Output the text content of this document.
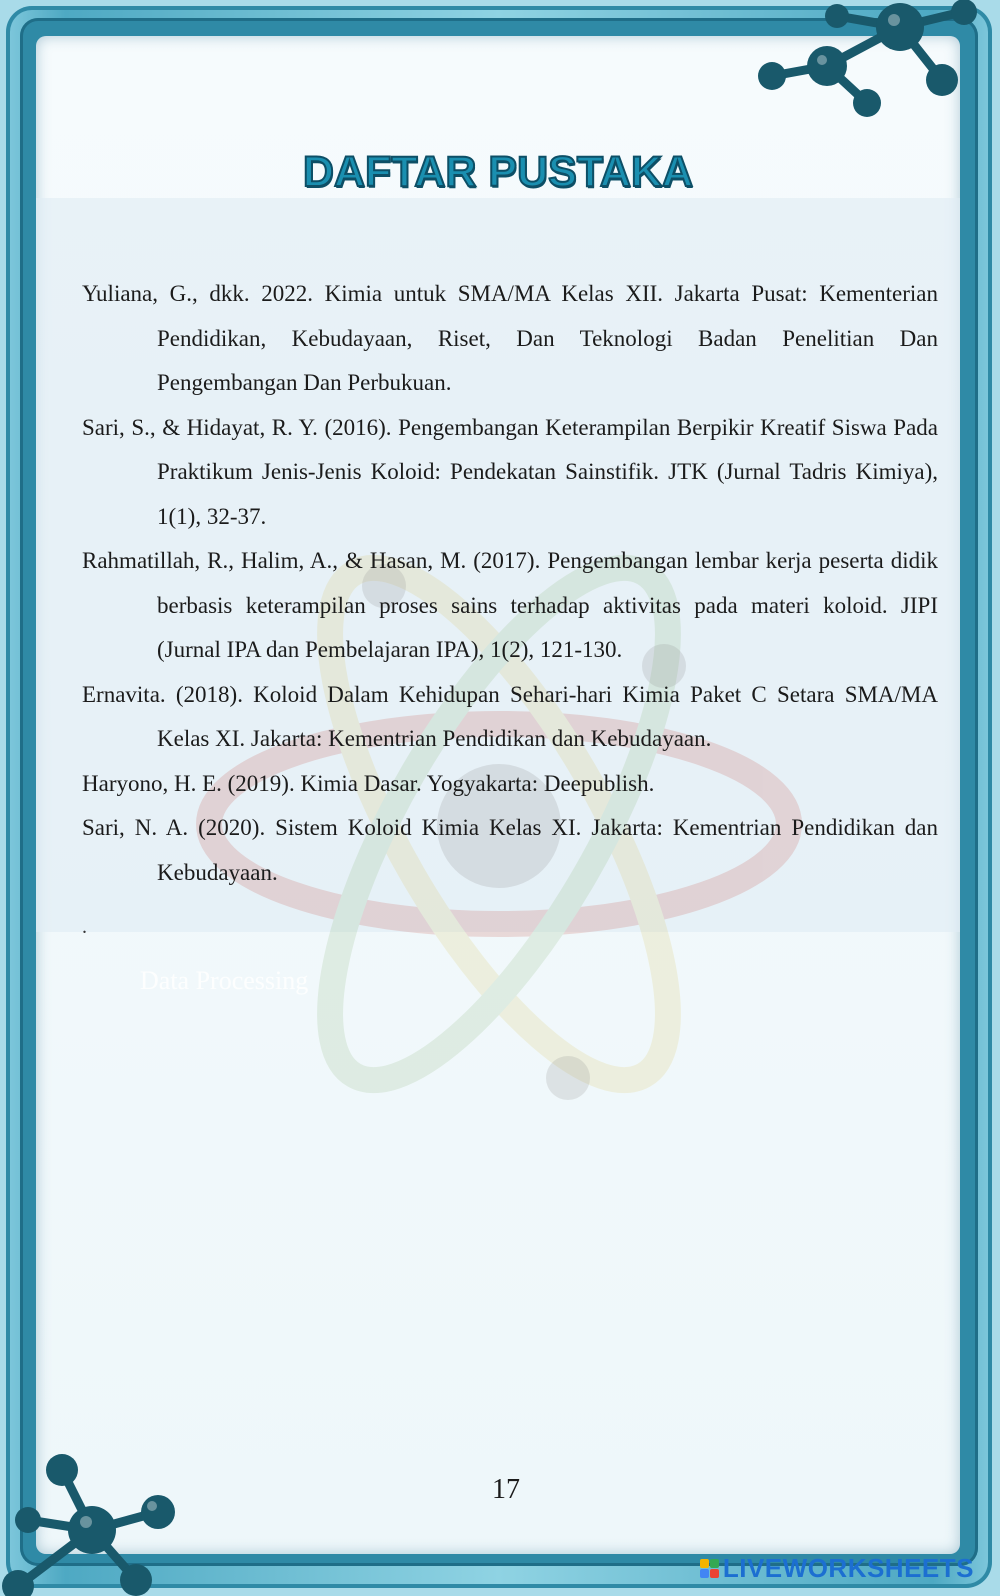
DAFTAR PUSTAKA

Yuliana, G., dkk. 2022. Kimia untuk SMA/MA Kelas XII. Jakarta Pusat: Kementerian Pendidikan, Kebudayaan, Riset, Dan Teknologi Badan Penelitian Dan Pengembangan Dan Perbukuan.

Sari, S., & Hidayat, R. Y. (2016). Pengembangan Keterampilan Berpikir Kreatif Siswa Pada Praktikum Jenis-Jenis Koloid: Pendekatan Sainstifik. JTK (Jurnal Tadris Kimiya), 1(1), 32-37.

Rahmatillah, R., Halim, A., & Hasan, M. (2017). Pengembangan lembar kerja peserta didik berbasis keterampilan proses sains terhadap aktivitas pada materi koloid. JIPI (Jurnal IPA dan Pembelajaran IPA), 1(2), 121-130.

Ernavita. (2018). Koloid Dalam Kehidupan Sehari-hari Kimia Paket C Setara SMA/MA Kelas XI. Jakarta: Kementrian Pendidikan dan Kebudayaan.

Haryono, H. E. (2019). Kimia Dasar. Yogyakarta: Deepublish.

Sari, N. A. (2020). Sistem Koloid Kimia Kelas XI. Jakarta: Kementrian Pendidikan dan Kebudayaan.

.
Data Processing
17
LIVEWORKSHEETS
